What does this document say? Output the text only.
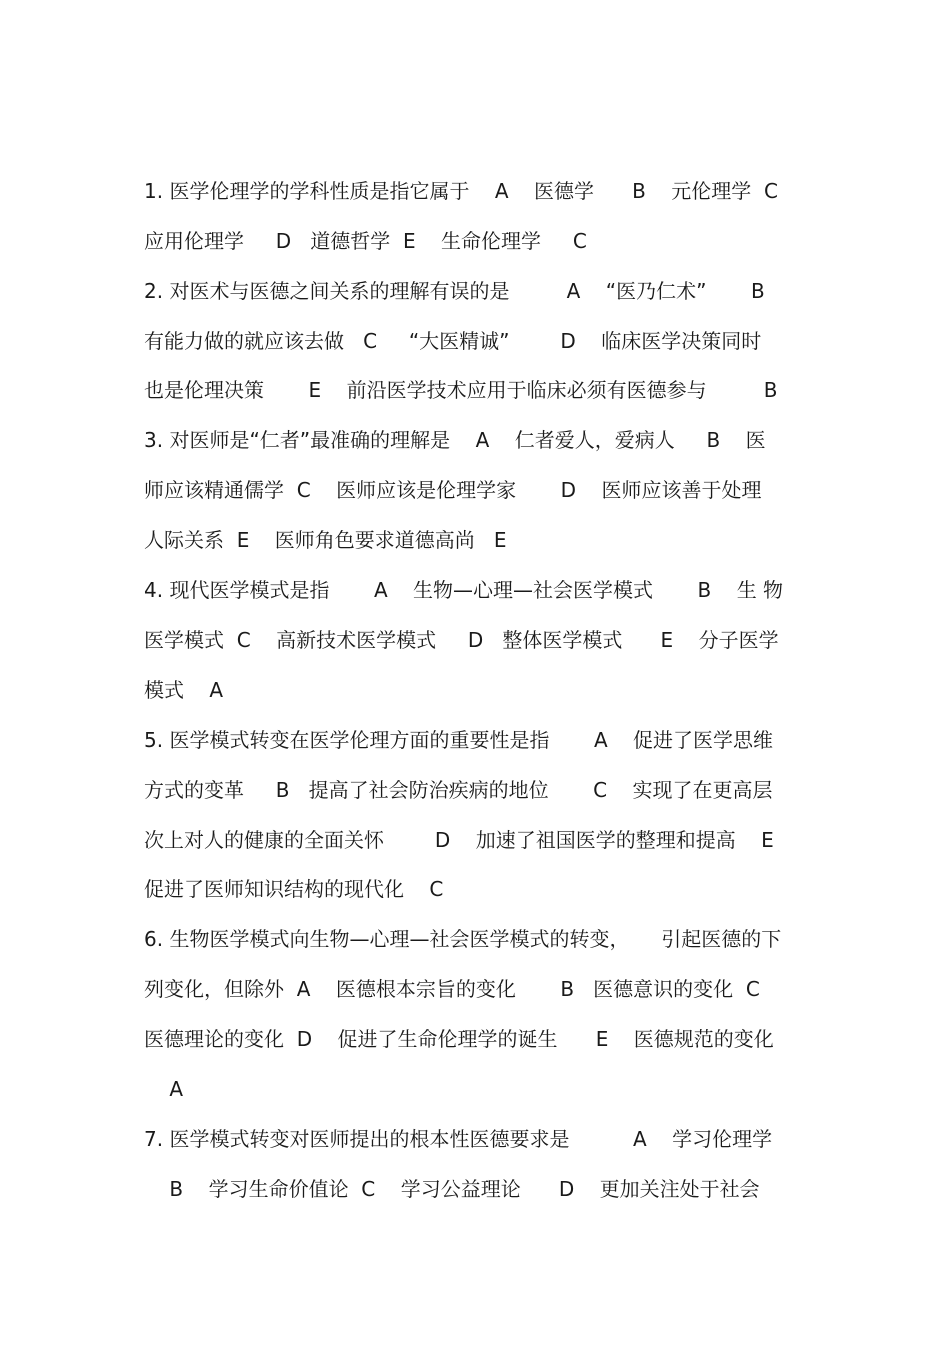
1. 医学伦理学的学科性质是指它属于    A    医德学      B    元伦理学  C
应用伦理学     D   道德哲学  E    生命伦理学     C
2. 对医术与医德之间关系的理解有误的是         A    “医乃仁术”       B
有能力做的就应该去做   C     “大医精诚”        D    临床医学决策同时
也是伦理决策       E    前沿医学技术应用于临床必须有医德参与         B
3. 对医师是“仁者”最准确的理解是    A    仁者爱人，爱病人     B    医
师应该精通儒学  C    医师应该是伦理学家       D    医师应该善于处理
人际关系  E    医师角色要求道德高尚   E
4. 现代医学模式是指       A    生物—心理—社会医学模式       B    生 物
医学模式  C    高新技术医学模式     D   整体医学模式      E    分子医学
模式    A
5. 医学模式转变在医学伦理方面的重要性是指       A    促进了医学思维
方式的变革     B   提高了社会防治疾病的地位       C    实现了在更高层
次上对人的健康的全面关怀        D    加速了祖国医学的整理和提高    E
促进了医师知识结构的现代化    C
6. 生物医学模式向生物—心理—社会医学模式的转变，     引起医德的下
列变化，但除外  A    医德根本宗旨的变化       B   医德意识的变化  C
医德理论的变化  D    促进了生命伦理学的诞生      E    医德规范的变化
A
7. 医学模式转变对医师提出的根本性医德要求是          A    学习伦理学
B    学习生命价值论  C    学习公益理论      D    更加关注处于社会
